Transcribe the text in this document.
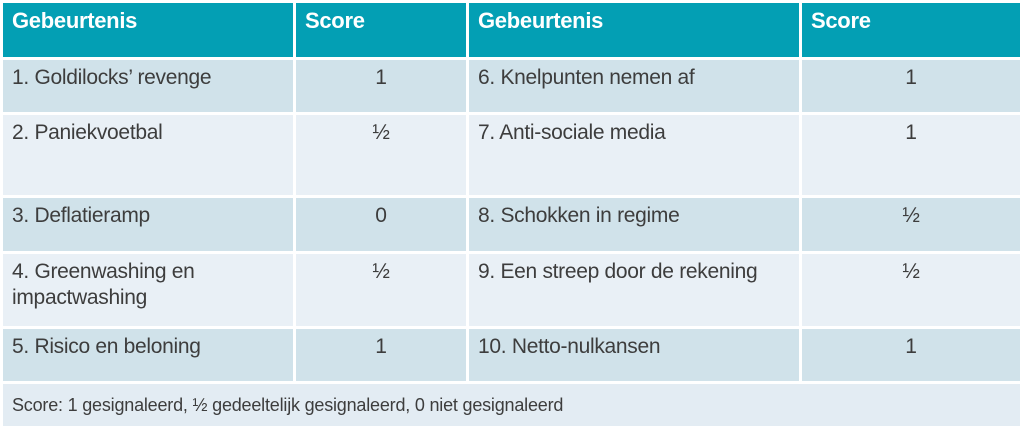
Gebeurtenis	Score	Gebeurtenis	Score
1. Goldilocks’ revenge	1	6. Knelpunten nemen af	1
2. Paniekvoetbal	½	7. Anti-sociale media	1
3. Deflatieramp	0	8. Schokken in regime	½
4. Greenwashing en impactwashing	½	9. Een streep door de rekening	½
5. Risico en beloning	1	10. Netto-nulkansen	1
Score: 1 gesignaleerd, ½ gedeeltelijk gesignaleerd, 0 niet gesignaleerd			
